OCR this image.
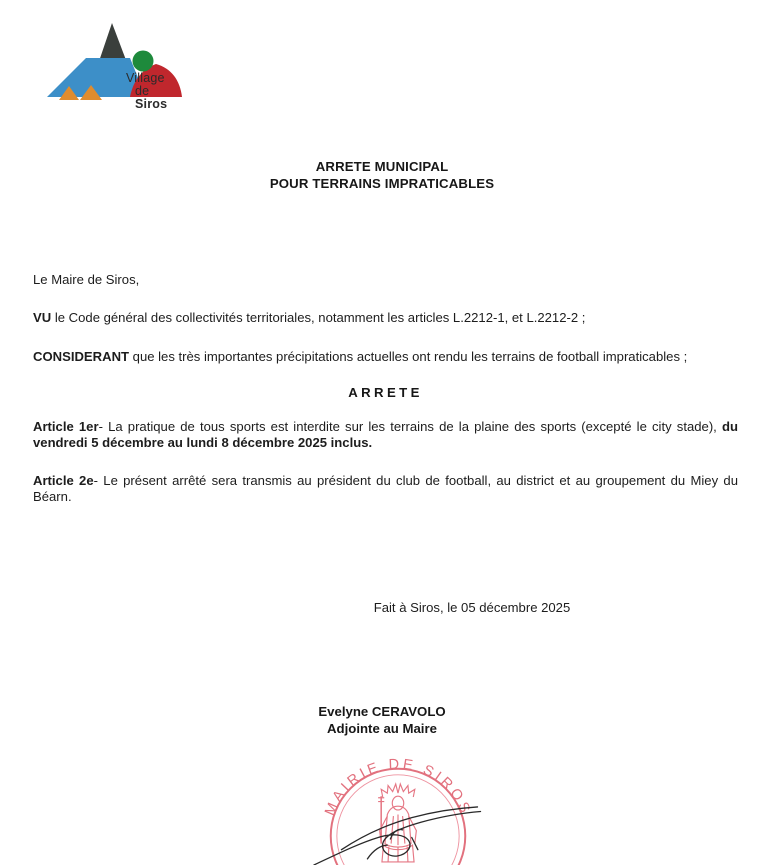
Village
de Siros
ARRETE MUNICIPAL
POUR TERRAINS IMPRATICABLES

Le Maire de Siros,

VU le Code général des collectivités territoriales, notamment les articles L.2212-1, et L.2212-2 ;

CONSIDERANT que les très importantes précipitations actuelles ont rendu les terrains de football impraticables ;

ARRETE

Article 1er- La pratique de tous sports est interdite sur les terrains de la plaine des sports (excepté le city stade), du vendredi 5 décembre au lundi 8 décembre 2025 inclus.

Article 2e- Le présent arrêté sera transmis au président du club de football, au district et au groupement du Miey du Béarn.

Fait à Siros, le 05 décembre 2025
Evelyne CERAVOLO
Adjointe au Maire
MAIRIE DE SIROS
